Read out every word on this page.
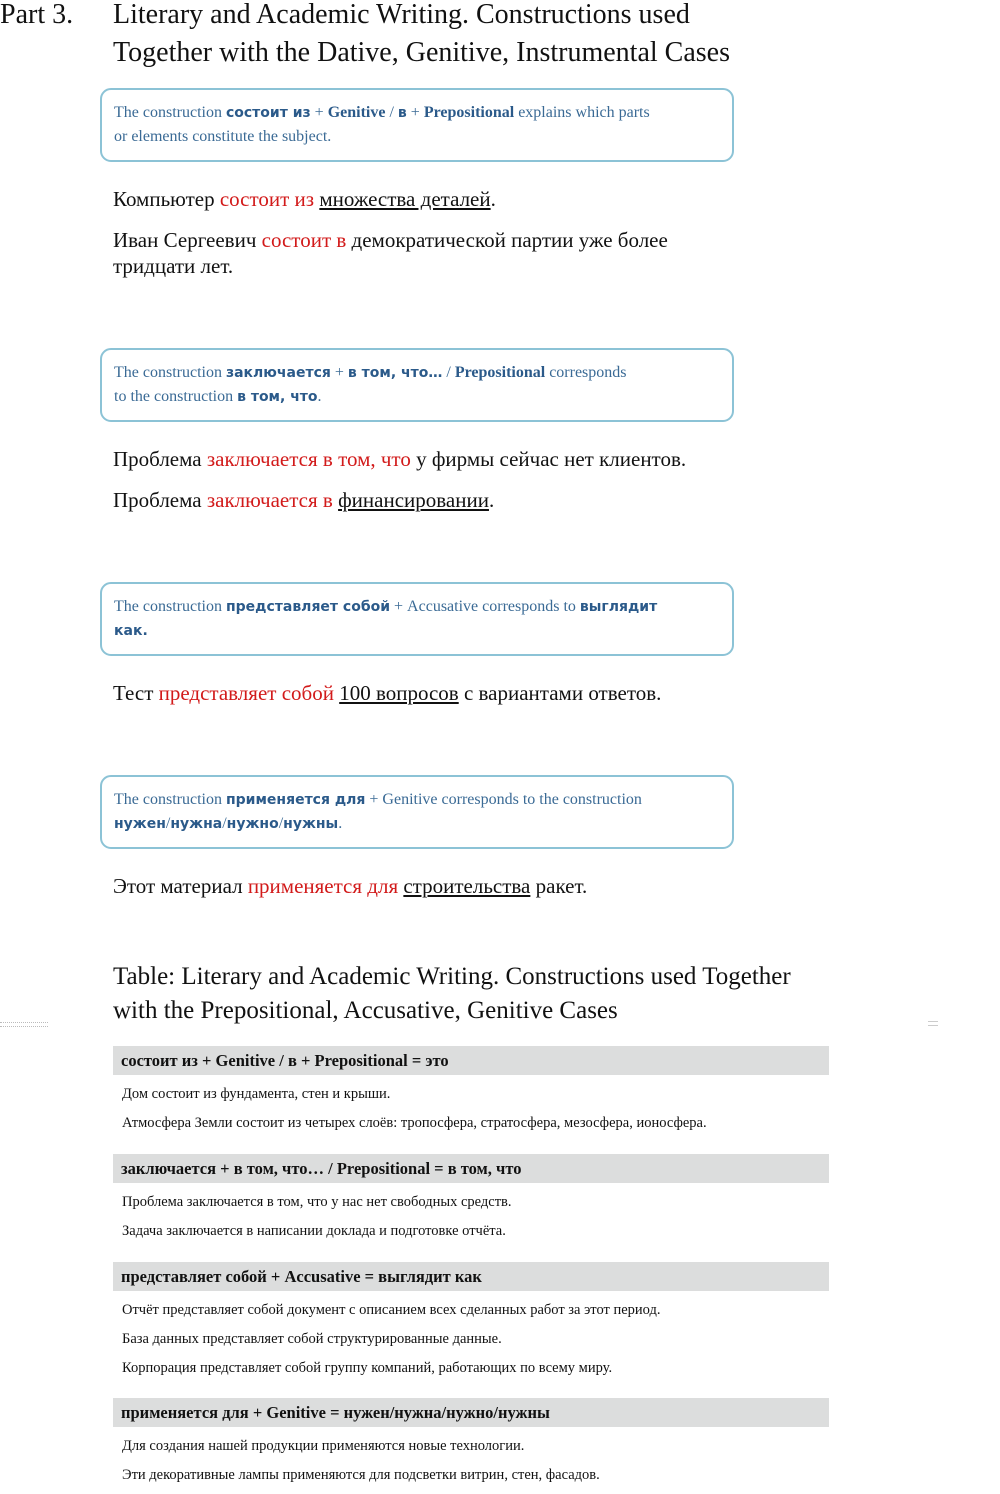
Part 3. Literary and Academic Writing. Constructions used
Together with the Dative, Genitive, Instrumental Cases
The construction состоит из + Genitive / в + Prepositional explains which parts
or elements constitute the subject.
Компьютер состоит из множества деталей.
Иван Сергеевич состоит в демократической партии уже более
тридцати лет.
The construction заключается + в том, что… / Prepositional corresponds
to the construction в том, что.
Проблема заключается в том, что у фирмы сейчас нет клиентов.
Проблема заключается в финансировании.
The construction представляет собой + Accusative corresponds to выглядит
как.
Тест представляет собой 100 вопросов с вариантами ответов.
The construction применяется для + Genitive corresponds to the construction
нужен/нужна/нужно/нужны.
Этот материал применяется для строительства ракет.
Table: Literary and Academic Writing. Constructions used Together
with the Prepositional, Accusative, Genitive Cases
состоит из + Genitive / в + Prepositional = это
Дом состоит из фундамента, стен и крыши.
Атмосфера Земли состоит из четырех слоёв: тропосфера, стратосфера, мезосфера, ионосфера.
заключается + в том, что… / Prepositional = в том, что
Проблема заключается в том, что у нас нет свободных средств.
Задача заключается в написании доклада и подготовке отчёта.
представляет собой + Accusative = выглядит как
Отчёт представляет собой документ с описанием всех сделанных работ за этот период.
База данных представляет собой структурированные данные.
Корпорация представляет собой группу компаний, работающих по всему миру.
применяется для + Genitive = нужен/нужна/нужно/нужны
Для создания нашей продукции применяются новые технологии.
Эти декоративные лампы применяются для подсветки витрин, стен, фасадов.
